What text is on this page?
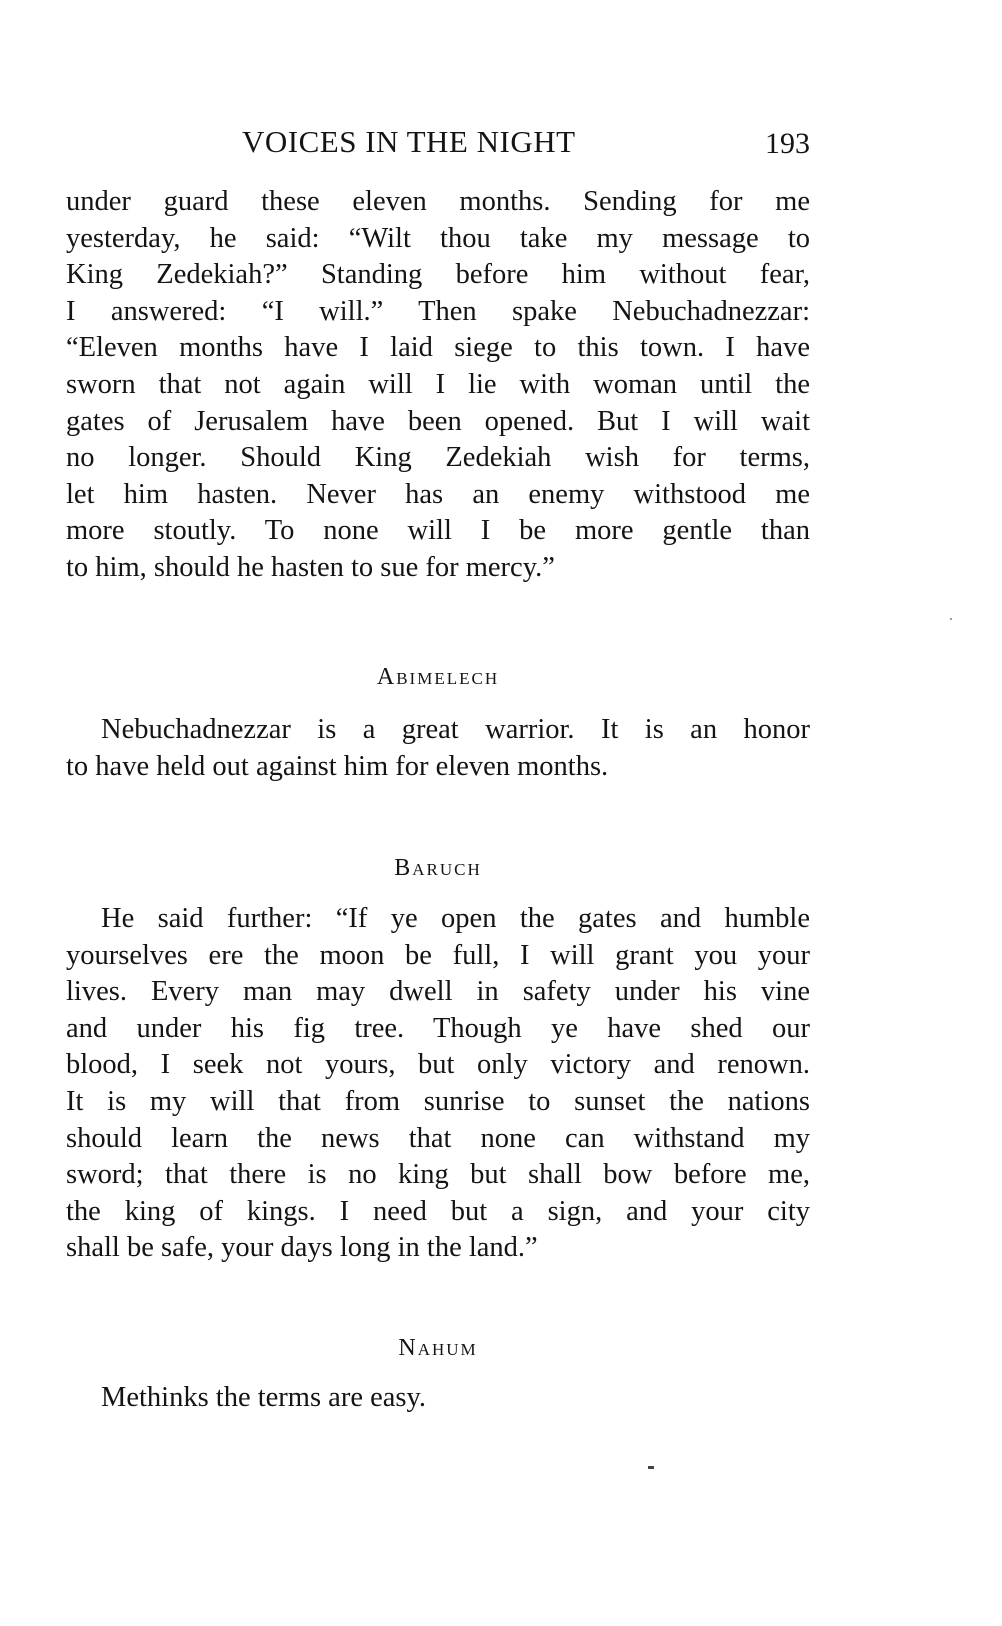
VOICES IN THE NIGHT	193

under guard these eleven months. Sending for me
yesterday, he said: “Wilt thou take my message to
King Zedekiah?” Standing before him without fear,
I answered: “I will.” Then spake Nebuchadnezzar:
“Eleven months have I laid siege to this town. I have
sworn that not again will I lie with woman until the
gates of Jerusalem have been opened. But I will wait
no longer. Should King Zedekiah wish for terms,
let him hasten. Never has an enemy withstood me
more stoutly. To none will I be more gentle than
to him, should he hasten to sue for mercy.”

Abimelech

Nebuchadnezzar is a great warrior. It is an honor
to have held out against him for eleven months.

Baruch

He said further: “If ye open the gates and humble
yourselves ere the moon be full, I will grant you your
lives. Every man may dwell in safety under his vine
and under his fig tree. Though ye have shed our
blood, I seek not yours, but only victory and renown.
It is my will that from sunrise to sunset the nations
should learn the news that none can withstand my
sword; that there is no king but shall bow before me,
the king of kings. I need but a sign, and your city
shall be safe, your days long in the land.”

Nahum

Methinks the terms are easy.
